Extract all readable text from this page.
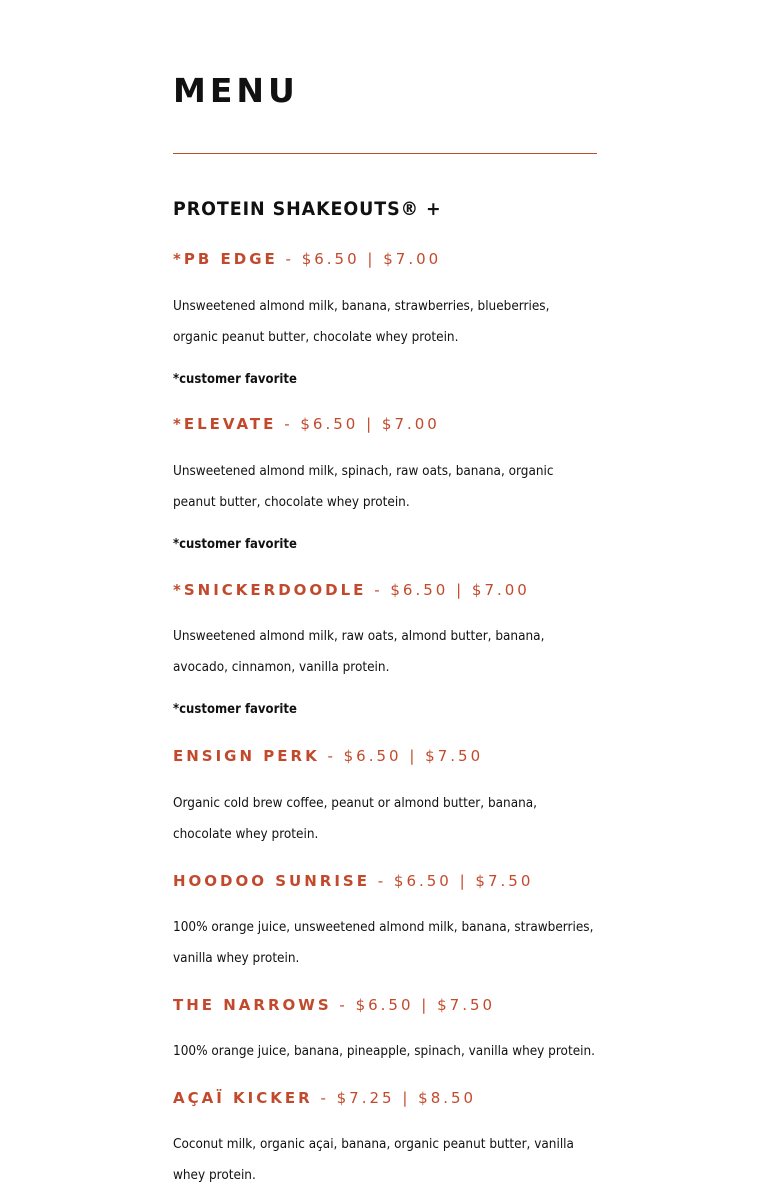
MENU
PROTEIN SHAKEOUTS® +
*PB EDGE - $6.50 | $7.00

Unsweetened almond milk, banana, strawberries, blueberries, organic peanut butter, chocolate whey protein.

*customer favorite

*ELEVATE - $6.50 | $7.00

Unsweetened almond milk, spinach, raw oats, banana, organic peanut butter, chocolate whey protein.

*customer favorite

*SNICKERDOODLE - $6.50 | $7.00

Unsweetened almond milk, raw oats, almond butter, banana, avocado, cinnamon, vanilla protein.

*customer favorite

ENSIGN PERK - $6.50 | $7.50

Organic cold brew coffee, peanut or almond butter, banana, chocolate whey protein.

HOODOO SUNRISE - $6.50 | $7.50

100% orange juice, unsweetened almond milk, banana, strawberries, vanilla whey protein.

THE NARROWS - $6.50 | $7.50

100% orange juice, banana, pineapple, spinach, vanilla whey protein.

AÇAÏ KICKER - $7.25 | $8.50

Coconut milk, organic açai, banana, organic peanut butter, vanilla whey protein.
